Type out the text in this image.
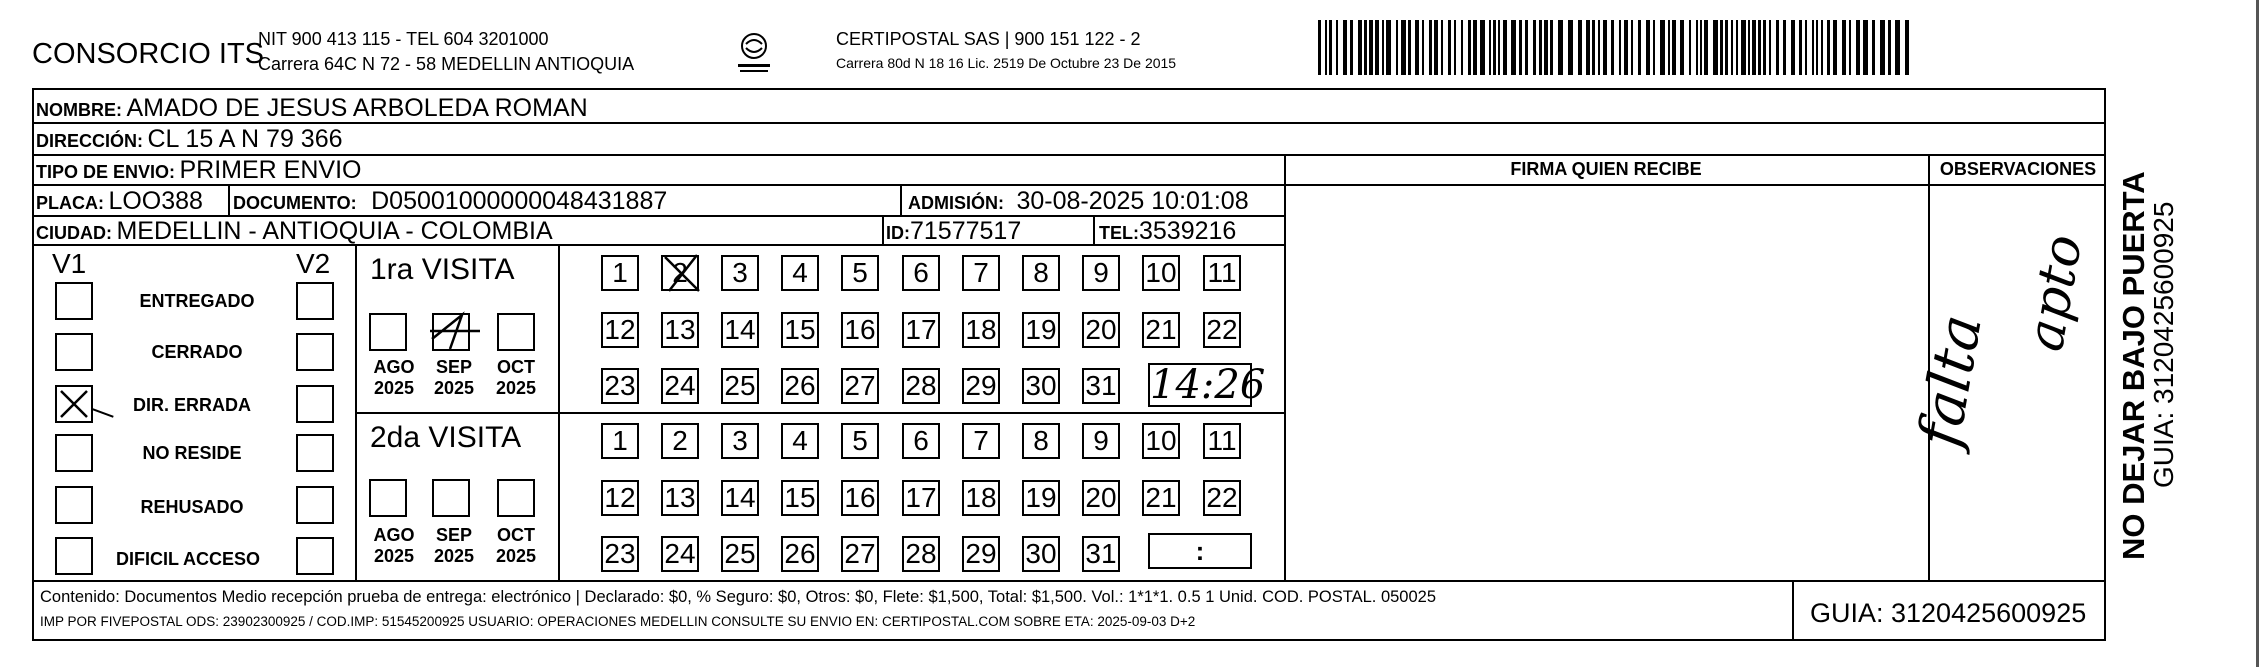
CONSORCIO ITS
NIT 900 413 115 - TEL 604 3201000
Carrera 64C N 72 - 58 MEDELLIN ANTIOQUIA
CERTIPOSTAL SAS | 900 151 122 - 2
Carrera 80d N 18 16 Lic. 2519 De Octubre 23 De 2015
NOMBRE: AMADO DE JESUS ARBOLEDA ROMAN
DIRECCIÓN: CL 15 A N 79 366
TIPO DE ENVIO: PRIMER ENVIO
PLACA: LOO388 DOCUMENTO: D05001000000048431887	ADMISIÓN: 30-08-2025 10:01:08
CIUDAD: MEDELLIN - ANTIOQUIA - COLOMBIA	ID:71577517	TEL:3539216
FIRMA QUIEN RECIBE	OBSERVACIONES
falta
apto
V1	V2
ENTREGADO
CERRADO
DIR. ERRADA
NO RESIDE
REHUSADO
DIFICIL ACCESO
1ra VISITA
AGO
2025
SEP
2025
OCT
2025
1	2	3	4	5	6	7	8	9	10 11
12 13 14 15 16 17 18 19 20 21 22
23 24 25 26 27 28 29 30 31 14:26
2da VISITA
AGO
2025
SEP
2025
OCT
2025
1	2	3	4	5	6	7	8	9	10 11
12 13 14 15 16 17 18 19 20 21 22
23 24 25 26 27 28 29 30 31	:
Contenido: Documentos Medio recepción prueba de entrega: electrónico | Declarado: $0, % Seguro: $0, Otros: $0, Flete: $1,500, Total: $1,500. Vol.: 1*1*1. 0.5 1 Unid. COD. POSTAL. 050025
IMP POR FIVEPOSTAL ODS: 23902300925 / COD.IMP: 51545200925 USUARIO: OPERACIONES MEDELLIN CONSULTE SU ENVIO EN: CERTIPOSTAL.COM SOBRE ETA: 2025-09-03 D+2	GUIA: 3120425600925
NO DEJAR BAJO PUERTA
GUIA: 3120425600925
